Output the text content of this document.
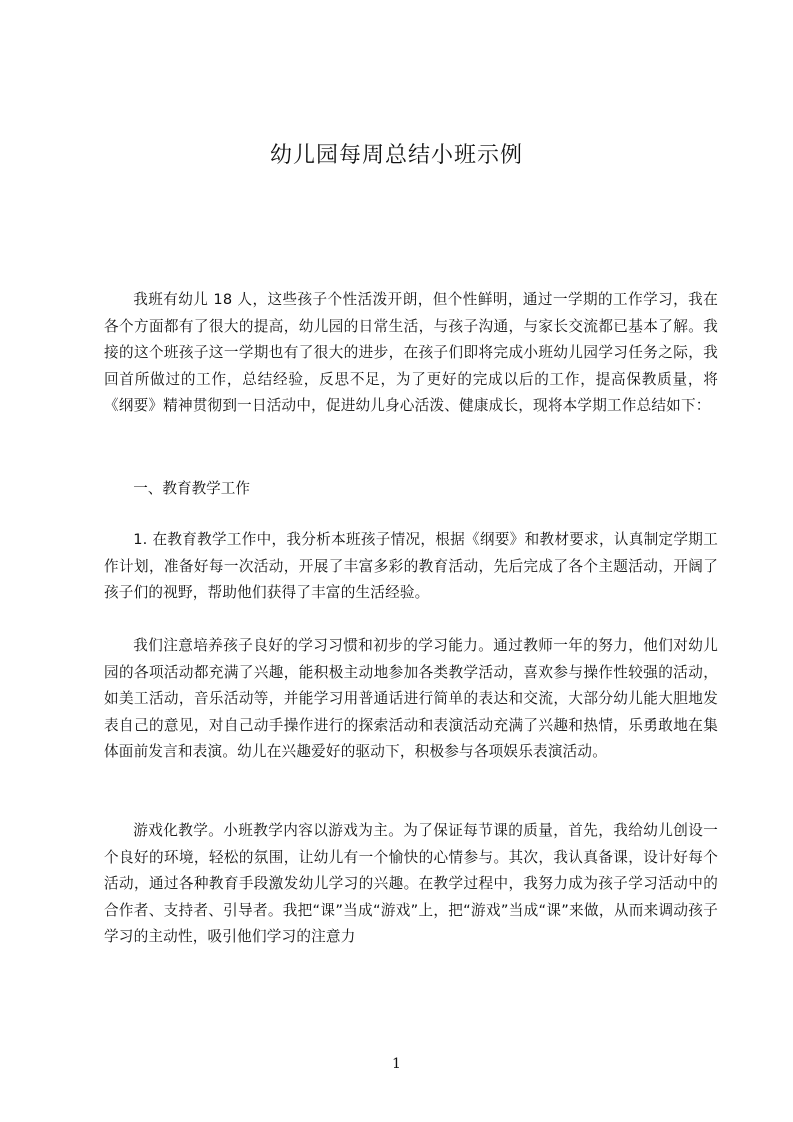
幼儿园每周总结小班示例

我班有幼儿 18 人，这些孩子个性活泼开朗，但个性鲜明，通过一学期的工作学习，我在各个方面都有了很大的提高，幼儿园的日常生活，与孩子沟通，与家长交流都已基本了解。我接的这个班孩子这一学期也有了很大的进步，在孩子们即将完成小班幼儿园学习任务之际，我回首所做过的工作，总结经验，反思不足，为了更好的完成以后的工作，提高保教质量，将《纲要》精神贯彻到一日活动中，促进幼儿身心活泼、健康成长，现将本学期工作总结如下：

一、教育教学工作

1. 在教育教学工作中，我分析本班孩子情况，根据《纲要》和教材要求，认真制定学期工作计划，准备好每一次活动，开展了丰富多彩的教育活动，先后完成了各个主题活动，开阔了孩子们的视野，帮助他们获得了丰富的生活经验。

我们注意培养孩子良好的学习习惯和初步的学习能力。通过教师一年的努力，他们对幼儿园的各项活动都充满了兴趣，能积极主动地参加各类教学活动，喜欢参与操作性较强的活动，如美工活动，音乐活动等，并能学习用普通话进行简单的表达和交流，大部分幼儿能大胆地发表自己的意见，对自己动手操作进行的探索活动和表演活动充满了兴趣和热情，乐勇敢地在集体面前发言和表演。幼儿在兴趣爱好的驱动下，积极参与各项娱乐表演活动。

游戏化教学。小班教学内容以游戏为主。为了保证每节课的质量，首先，我给幼儿创设一个良好的环境，轻松的氛围，让幼儿有一个愉快的心情参与。其次，我认真备课，设计好每个活动，通过各种教育手段激发幼儿学习的兴趣。在教学过程中，我努力成为孩子学习活动中的合作者、支持者、引导者。我把“课”当成“游戏”上，把“游戏”当成“课”来做，从而来调动孩子学习的主动性，吸引他们学习的注意力

1
